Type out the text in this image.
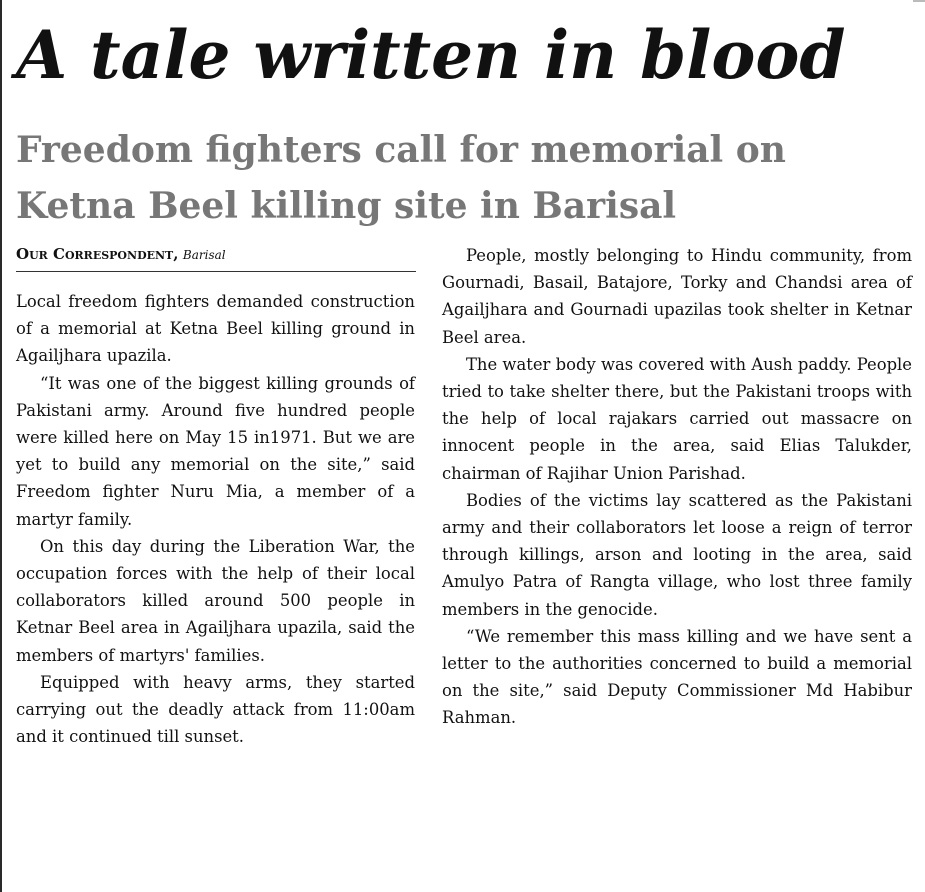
A tale written in blood
Freedom fighters call for memorial on Ketna Beel killing site in Barisal
Our Correspondent, Barisal

Local freedom fighters demanded construction of a memorial at Ketna Beel killing ground in Agailjhara upazila.

“It was one of the biggest killing grounds of Pakistani army. Around five hundred people were killed here on May 15 in1971. But we are yet to build any memorial on the site,” said Freedom fighter Nuru Mia, a member of a martyr family.

On this day during the Liberation War, the occupation forces with the help of their local collaborators killed around 500 people in Ketnar Beel area in Agailjhara upazila, said the members of martyrs' families.

Equipped with heavy arms, they started carrying out the deadly attack from 11:00am and it continued till sunset.

People, mostly belonging to Hindu community, from Gournadi, Basail, Batajore, Torky and Chandsi area of Agailjhara and Gournadi upazilas took shelter in Ketnar Beel area.

The water body was covered with Aush paddy. People tried to take shelter there, but the Pakistani troops with the help of local rajakars carried out massacre on innocent people in the area, said Elias Talukder, chairman of Rajihar Union Parishad.

Bodies of the victims lay scattered as the Pakistani army and their collaborators let loose a reign of terror through killings, arson and looting in the area, said Amulyo Patra of Rangta village, who lost three family members in the genocide.

“We remember this mass killing and we have sent a letter to the authorities concerned to build a memorial on the site,” said Deputy Commissioner Md Habibur Rahman.
